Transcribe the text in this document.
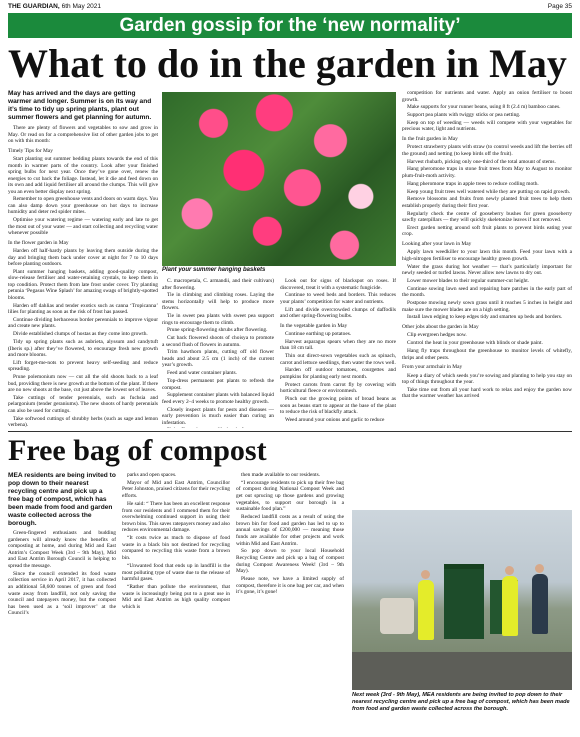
THE GUARDIAN, 6th May 2021	Page 35
Garden gossip for the ‘new normality’
What to do in the garden in May

May has arrived and the days are getting warmer and longer. Summer is on its way and it’s time to tidy up spring plants, plant out summer flowers and get planning for autumn.

There are plenty of flowers and vegetables to sow and grow in May. Or read on for a comprehensive list of other garden jobs to get on with this month:

Timely Tips for May

Start planting out summer bedding plants towards the end of this month in warmer parts of the country. Look after your finished spring bulbs for next year. Once they’ve gone over, renew the energies to cut back the foliage. Instead, let it die and feed down on its own and add liquid fertiliser all around the clumps. This will give you an even better display next spring.

Remember to open greenhouse vents and doors on warm days. You can also damp down your greenhouse on hot days to increase humidity and deter red spider mites.

Optimise your watering regime — watering early and late to get the most out of your water — and start collecting and recycling water whenever possible

In the flower garden in May

Harden off half-hardy plants by leaving them outside during the day and bringing them back under cover at night for 7 to 10 days before planting outdoors.

Plant summer hanging baskets, adding good-quality compost, slow-release fertiliser and water-retaining crystals, to keep them in top condition. Protect them from late frost under cover. Try planting petunia ‘Pegasus Wine Splash’ for amazing swags of brightly-spotted blooms.

Harden off dahlias and tender exotics such as canna ‘Tropicanna’ lilies for planting as soon as the risk of frost has passed.

Continue dividing herbaceous border perennials to improve vigour and create new plants.

Divide established clumps of hostas as they come into growth.

Tidy up spring plants such as aubrieta, alyssum and candytuft (Iberis sp.) after they’ve flowered, to encourage fresh new growth and more blooms.

Lift forget-me-nots to prevent heavy self-seeding and reduce spreading.

Prune polemonium now — cut all the old shoots back to a leaf bud, providing there is new growth at the bottom of the plant. If there are no new shoots at the base, cut just above the lowest set of leaves.

Take cuttings of tender perennials, such as fuchsia and pelargonium (tender geraniums). The new shoots of hardy perennials can also be used for cuttings.

Take softwood cuttings of shrubby herbs (such as sage and lemon verbena).

Plant your summer hanging baskets

C. macropetala, C. armandii, and their cultivars) after flowering.

Tie in climbing and climbing roses. Laying the stems horizontally will help to produce more flowers.

Tie in sweet pea plants with sweet pea support rings to encourage them to climb.

Prune spring-flowering shrubs after flowering.

Cut back flowered shoots of choisya to promote a second flush of flowers in autumn.

Trim hawthorn plants, cutting off old flower heads and about 2.5 cm (1 inch) of the current year’s growth.

Feed and water container plants.

Top-dress permanent pot plants to refresh the compost.

Supplement container plants with balanced liquid feed every 2–4 weeks to promote healthy growth.

Closely inspect plants for pests and diseases — early prevention is much easier than curing an infestation.

Look out for signs of blackspot on roses. If discovered, treat it with a systematic fungicide.

Continue to weed beds and borders. This reduces your plants’ competition for water and nutrients.

Lift and divide overcrowded clumps of daffodils and other spring-flowering bulbs.

In the vegetable garden in May

Continue earthing up potatoes.

Harvest asparagus spears when they are no more than 18 cm tall.

Thin out direct-sown vegetables such as spinach, carrot and lettuce seedlings, then water the rows well.

Harden off outdoor tomatoes, courgettes and pumpkins for planting early next month.

Protect carrots from carrot fly by covering with horticultural fleece or environmesh.

Pinch out the growing points of broad beans as soon as beans start to appear at the base of the plant to reduce the risk of blackfly attack.

Weed around your onions and garlic to reduce

competition for nutrients and water. Apply an onion fertiliser to boost growth.

Make supports for your runner beans, using 8 ft (2.4 m) bamboo canes.

Support pea plants with twiggy sticks or pea netting.

Keep on top of weeding — weeds will compete with your vegetables for precious water, light and nutrients.

In the fruit garden in May

Protect strawberry plants with straw (to control weeds and lift the berries off the ground) and netting (to keep birds off the fruit).

Harvest rhubarb, picking only one-third of the total amount of stems.

Hang pheromone traps in stone fruit trees from May to August to monitor plum-fruit-moth activity.

Hang pheromone traps in apple trees to reduce codling moth.

Keep young fruit trees well watered while they are putting on rapid growth.

Remove blossoms and fruits from newly planted fruit trees to help them establish properly during their first year.

Regularly check the centre of gooseberry bushes for green gooseberry sawfly caterpillars — they will quickly skeletonize leaves if not removed.

Erect garden netting around soft fruit plants to prevent birds eating your crop.

Looking after your lawn in May

Apply lawn weedkiller to your lawn this month. Feed your lawn with a high-nitrogen fertiliser to encourage healthy green growth.

Water the grass during hot weather — that’s particularly important for newly seeded or turfed lawns. Never allow new lawns to dry out.

Lower mower blades to their regular summer-cut height.

Continue sowing lawn seed and repairing bare patches in the early part of the month.

Postpone mowing newly sown grass until it reaches 5 inches in height and make sure the mower blades are on a high setting.

Install lawn edging to keep edges tidy and smarten up beds and borders.

Other jobs about the garden in May

Clip evergreen hedges now.

Control the heat in your greenhouse with blinds or shade paint.

Hang fly traps throughout the greenhouse to monitor levels of whitefly, thrips and other pests.

From your armchair in May

Keep a diary of which seeds you’re sowing and planting to help you stay on top of things throughout the year.

Take time out from all your hard work to relax and enjoy the garden now that the warmer weather has arrived

Free bag of compost

MEA residents are being invited to pop down to their nearest recycling centre and pick up a free bag of compost, which has been made from food and garden waste collected across the borough.

Green-fingered enthusiasts and budding gardeners will already know the benefits of composting at home, and during Mid and East Antrim’s Compost Week (3rd – 9th May), Mid and East Antrim Borough Council is helping to spread the message.

Since the council extended its food waste collection service in April 2017, it has collected an additional 58,600 tonnes of green and food waste away from landfill, not only saving the council and ratepayers money, but the compost has been used as a ‘soil improver’ at the Council’s

parks and open spaces.

Mayor of Mid and East Antrim, Councillor Peter Johnston, praised citizens for their recycling efforts.

He said: “ There has been an excellent response from our residents and I commend them for their overwhelming continued support in using their brown bins. This saves ratepayers money and also reduces environmental damage.

“It costs twice as much to dispose of food waste in a black bin not destined for recycling compared to recycling this waste from a brown bin.

“Unwanted food that ends up in landfill is the most polluting type of waste due to the release of harmful gases.

“Rather than pollute the environment, that waste is increasingly being put to a great use in Mid and East Antrim as high quality compost which is

then made available to our residents.

“I encourage residents to pick up their free bag of compost during National Compost Week and get out sprucing up those gardens and growing vegetables, to support our borough in a sustainable food plan.”

Reduced landfill costs as a result of using the brown bin for food and garden has led to up to annual savings of £200,000 — meaning those funds are available for other projects and work within Mid and East Antrim.

So pop down to your local Household Recycling Centre and pick up a bag of compost during Compost Awareness Week! (3rd – 9th May).

Please note, we have a limited supply of compost, therefore it is one bag per car, and when it’s gone, it’s gone!

Next week (3rd - 9th May), MEA residents are being invited to pop down to their nearest recycling centre and pick up a free bag of compost, which has been made from food and garden waste collected across the borough.
